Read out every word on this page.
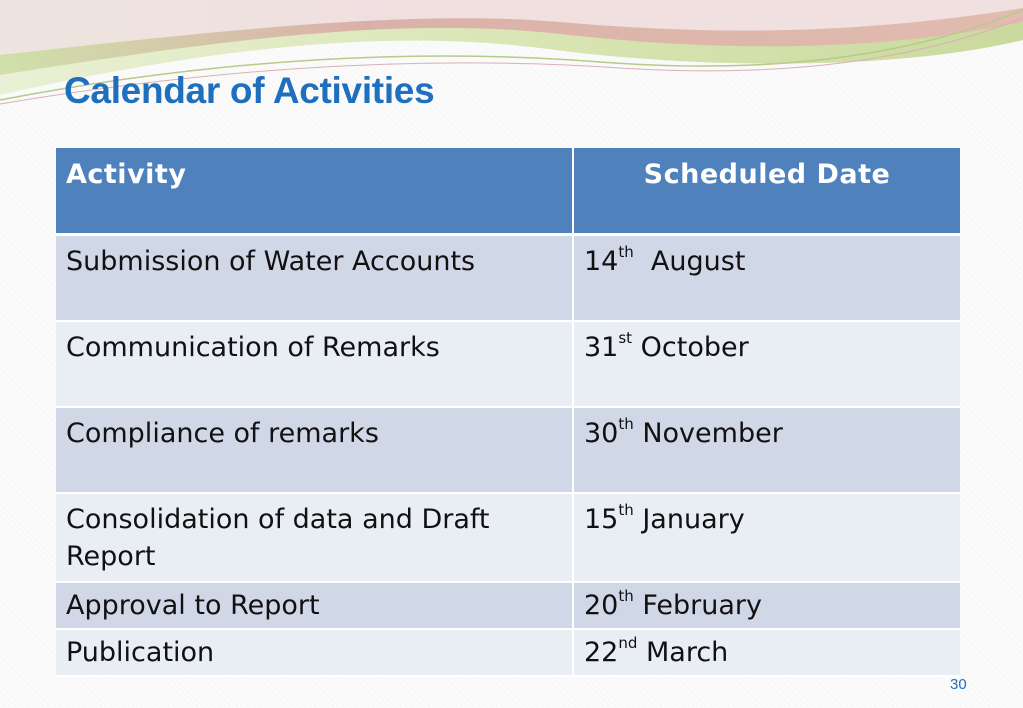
Calendar of Activities
Activity	Scheduled Date
Submission of Water Accounts	14th August
Communication of Remarks	31st October
Compliance of remarks	30th November
Consolidation of data and Draft Report	15th January
Approval to Report	20th February
Publication	22nd March
30
